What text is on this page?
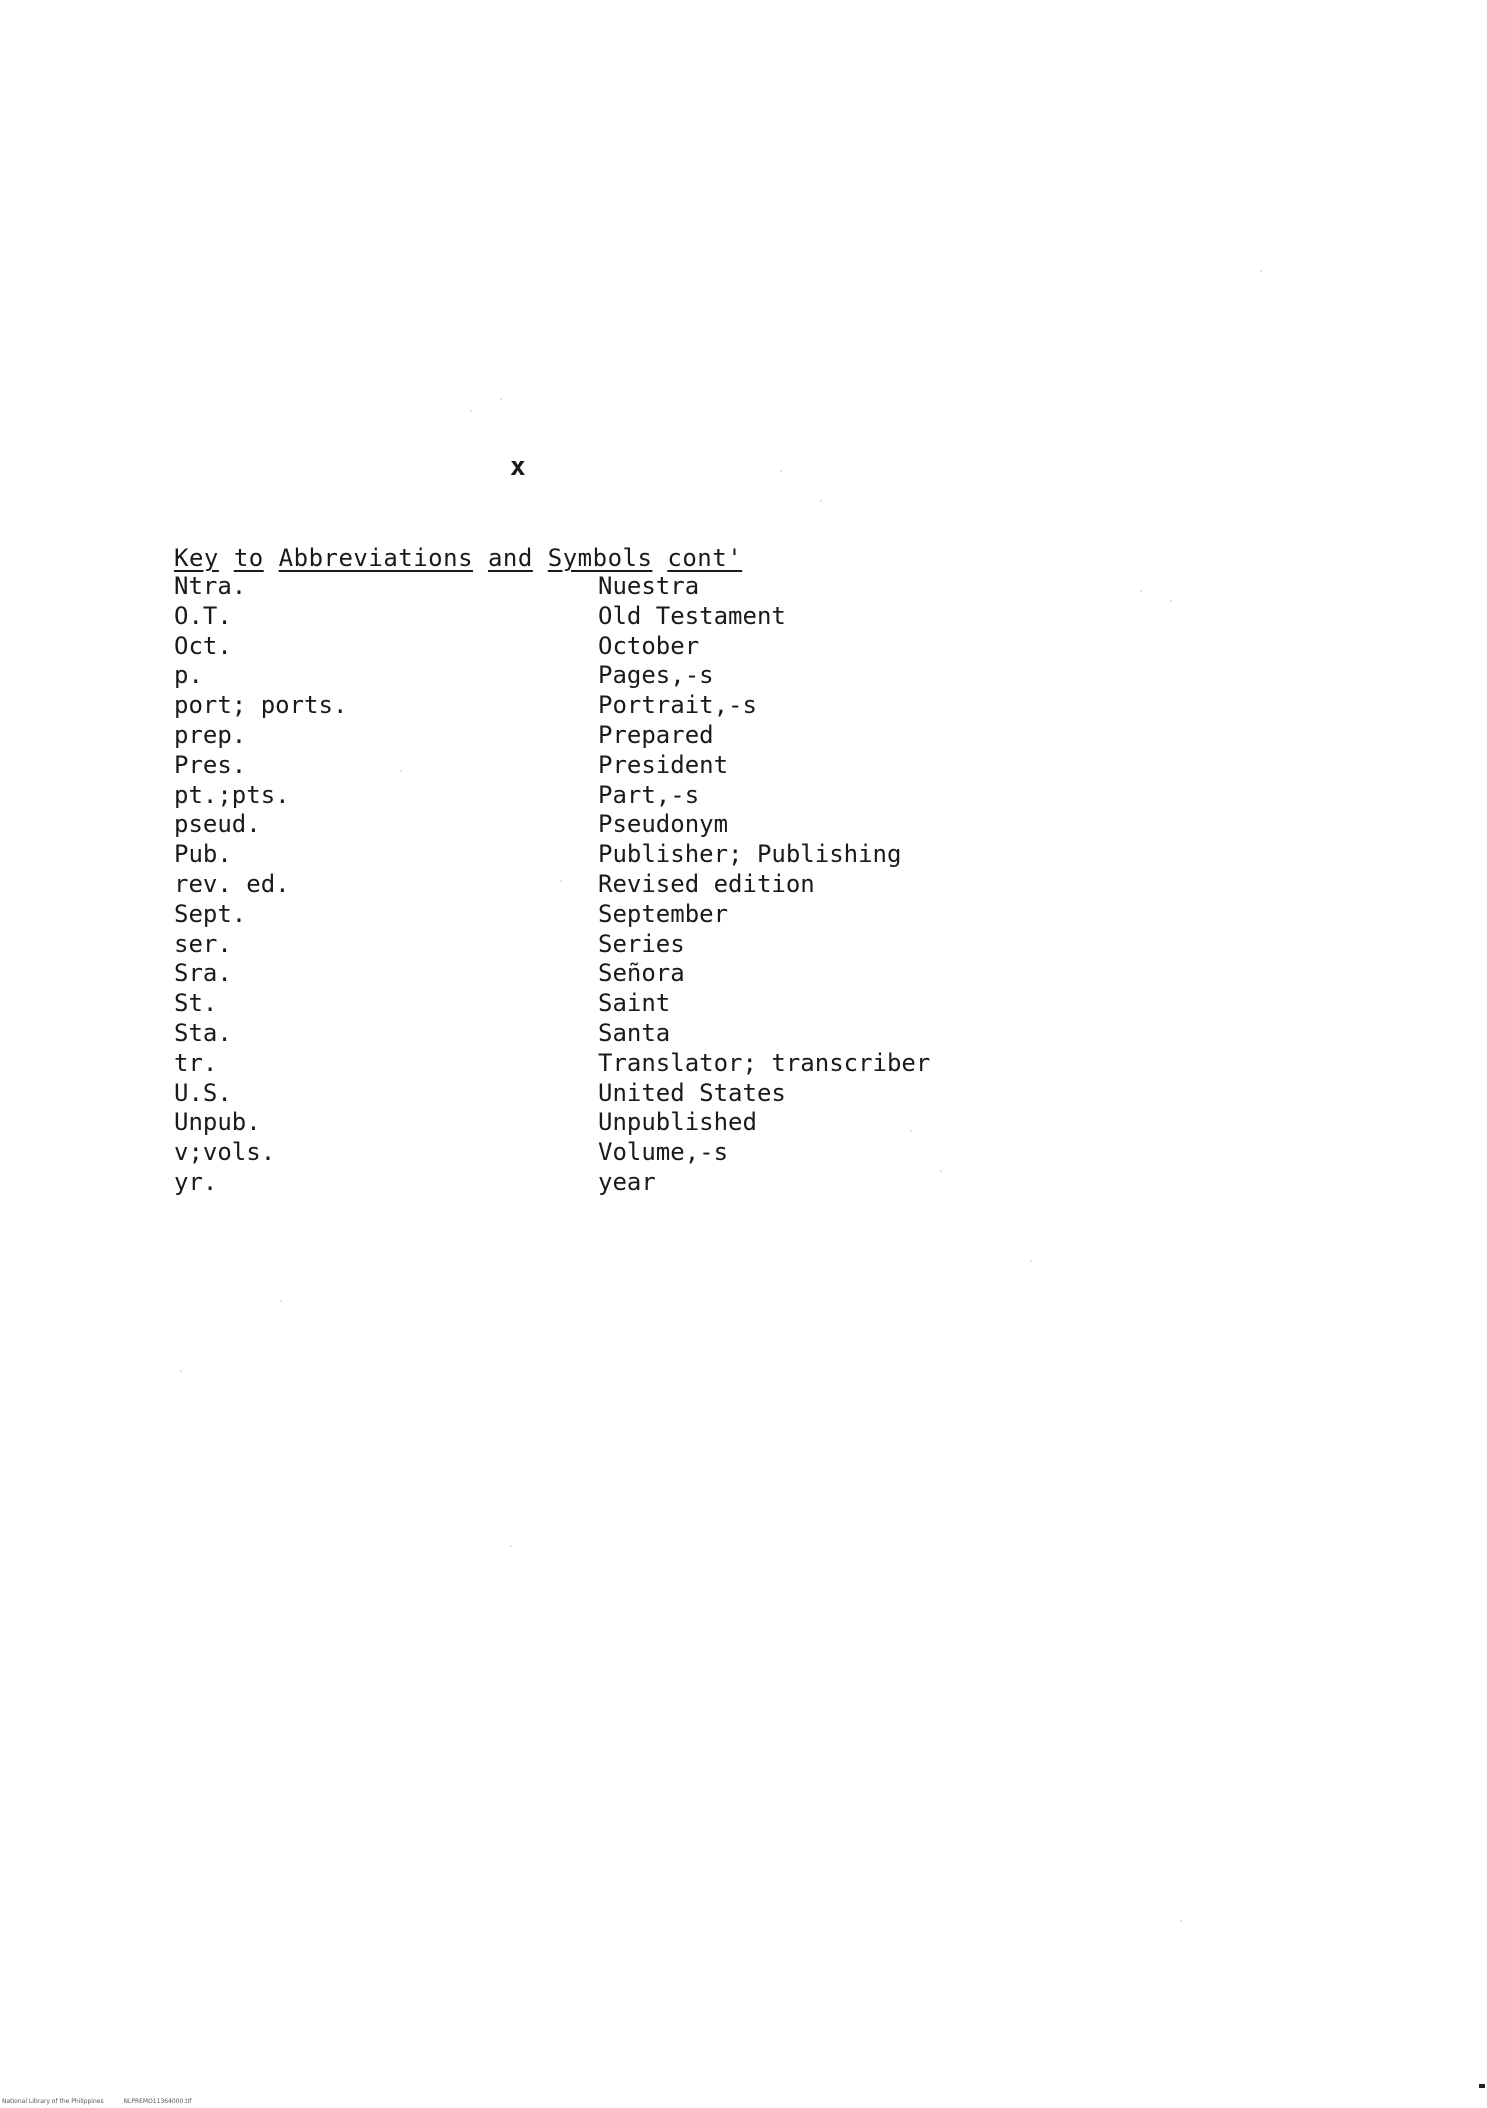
x
Key to Abbreviations and Symbols cont'
Ntra.	Nuestra
O.T.	Old Testament
Oct.	October
p.	Pages,-s
port; ports.	Portrait,-s
prep.	Prepared
Pres.	President
pt.;pts.	Part,-s
pseud.	Pseudonym
Pub.	Publisher; Publishing
rev. ed.	Revised edition
Sept.	September
ser.	Series
Sra.	Señora
St.	Saint
Sta.	Santa
tr.	Translator; transcriber
U.S.	United States
Unpub.	Unpublished
v;vols.	Volume,-s
yr.	year
National Library of the Philippines	NLPREMO11364000.tif
